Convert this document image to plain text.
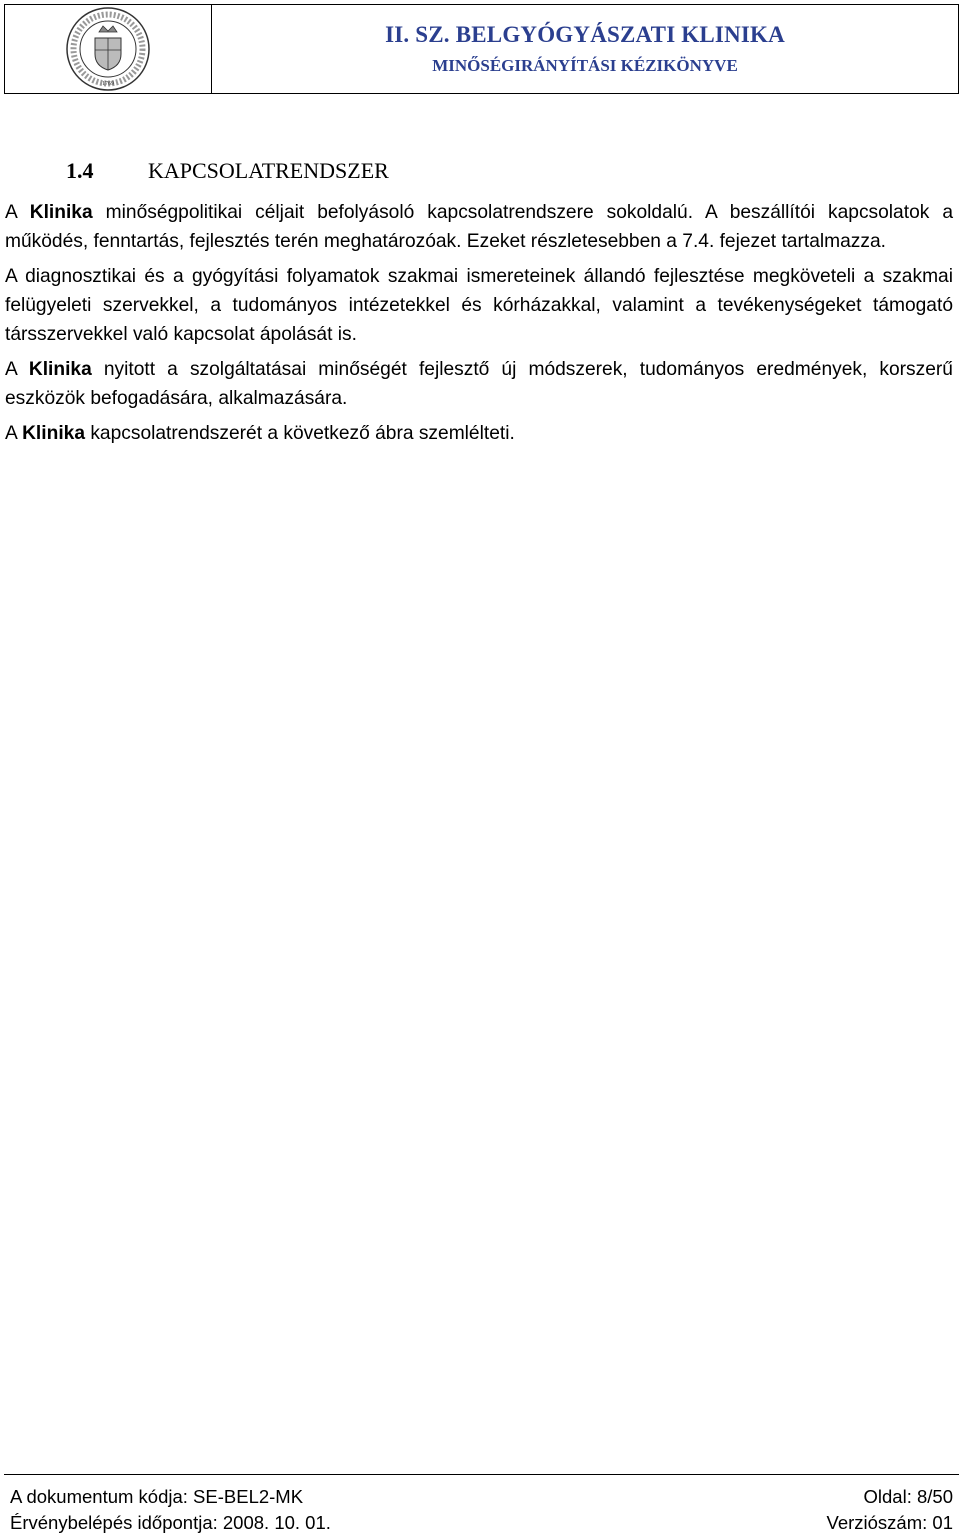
1769
II. SZ. BELGYÓGYÁSZATI KLINIKA
MINŐSÉGIRÁNYÍTÁSI KÉZIKÖNYVE
1.4 KAPCSOLATRENDSZER

A Klinika minőségpolitikai céljait befolyásoló kapcsolatrendszere sokoldalú. A beszállítói kapcsolatok a működés, fenntartás, fejlesztés terén meghatározóak. Ezeket részletesebben a 7.4. fejezet tartalmazza.

A diagnosztikai és a gyógyítási folyamatok szakmai ismereteinek állandó fejlesztése megköveteli a szakmai felügyeleti szervekkel, a tudományos intézetekkel és kórházakkal, valamint a tevékenységeket támogató társszervekkel való kapcsolat ápolását is.

A Klinika nyitott a szolgáltatásai minőségét fejlesztő új módszerek, tudományos eredmények, korszerű eszközök befogadására, alkalmazására.

A Klinika kapcsolatrendszerét a következő ábra szemlélteti.

A dokumentum kódja: SE-BEL2-MK	Oldal: 8/50
Érvénybelépés időpontja: 2008. 10. 01.	Verziószám: 01
